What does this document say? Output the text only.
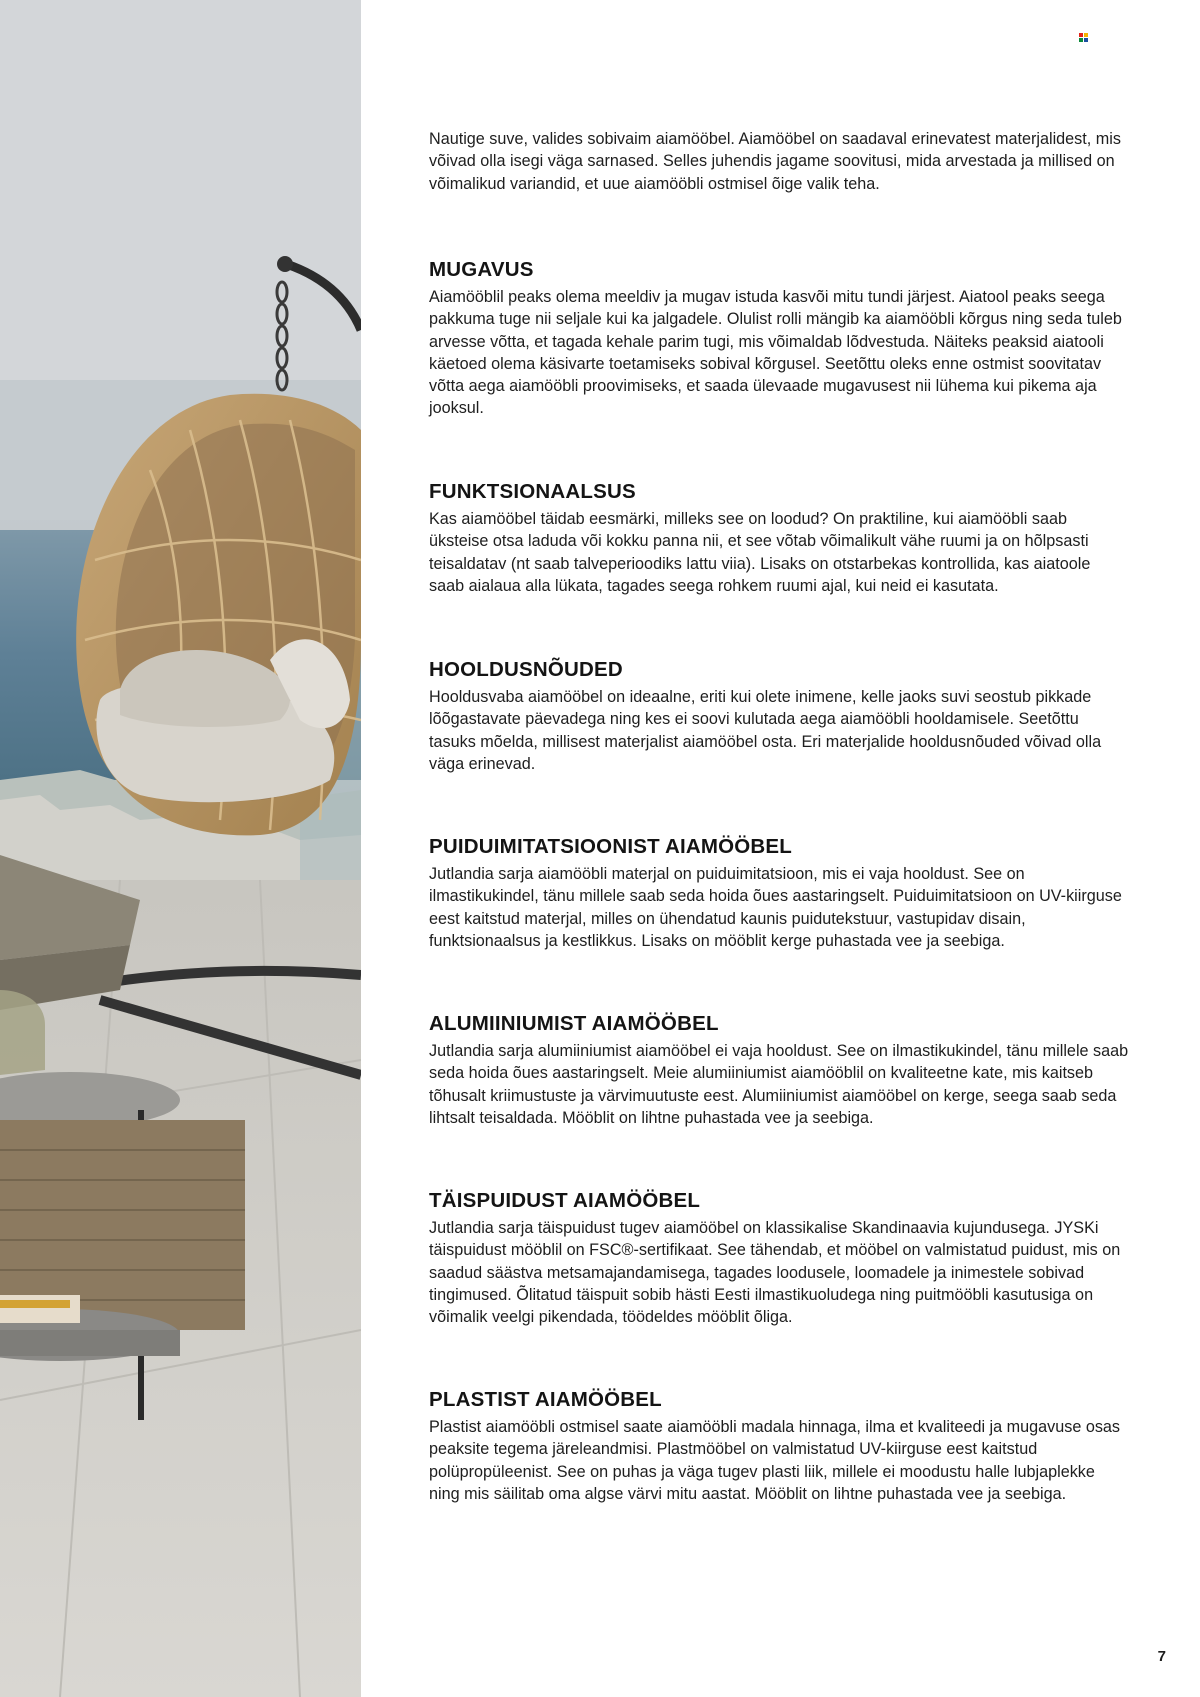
Nautige suve, valides sobivaim aiamööbel. Aiamööbel on saadaval erinevatest materjalidest, mis võivad olla isegi väga sarnased. Selles juhendis jagame soovitusi, mida arvestada ja millised on võimalikud variandid, et uue aiamööbli ostmisel õige valik teha.

MUGAVUS

Aiamööblil peaks olema meeldiv ja mugav istuda kasvõi mitu tundi järjest. Aiatool peaks seega pakkuma tuge nii seljale kui ka jalgadele. Olulist rolli mängib ka aiamööbli kõrgus ning seda tuleb arvesse võtta, et tagada kehale parim tugi, mis võimaldab lõdvestuda. Näiteks peaksid aiatooli käetoed olema käsivarte toetamiseks sobival kõrgusel. Seetõttu oleks enne ostmist soovitatav võtta aega aiamööbli proovimiseks, et saada ülevaade mugavusest nii lühema kui pikema aja jooksul.

FUNKTSIONAALSUS

Kas aiamööbel täidab eesmärki, milleks see on loodud? On praktiline, kui aiamööbli saab üksteise otsa laduda või kokku panna nii, et see võtab võimalikult vähe ruumi ja on hõlpsasti teisaldatav (nt saab talveperioodiks lattu viia). Lisaks on otstarbekas kontrollida, kas aiatoole saab aialaua alla lükata, tagades seega rohkem ruumi ajal, kui neid ei kasutata.

HOOLDUSNÕUDED

Hooldusvaba aiamööbel on ideaalne, eriti kui olete inimene, kelle jaoks suvi seostub pikkade lõõgastavate päevadega ning kes ei soovi kulutada aega aiamööbli hooldamisele. Seetõttu tasuks mõelda, millisest materjalist aiamööbel osta. Eri materjalide hooldusnõuded võivad olla väga erinevad.

PUIDUIMITATSIOONIST AIAMÖÖBEL

Jutlandia sarja aiamööbli materjal on puiduimitatsioon, mis ei vaja hooldust. See on ilmastikukindel, tänu millele saab seda hoida õues aastaringselt. Puiduimitatsioon on UV-kiirguse eest kaitstud materjal, milles on ühendatud kaunis puidutekstuur, vastupidav disain, funktsionaalsus ja kestlikkus. Lisaks on mööblit kerge puhastada vee ja seebiga.

ALUMIINIUMIST AIAMÖÖBEL

Jutlandia sarja alumiiniumist aiamööbel ei vaja hooldust. See on ilmastikukindel, tänu millele saab seda hoida õues aastaringselt. Meie alumiiniumist aiamööblil on kvaliteetne kate, mis kaitseb tõhusalt kriimustuste ja värvimuutuste eest. Alumiiniumist aiamööbel on kerge, seega saab seda lihtsalt teisaldada. Mööblit on lihtne puhastada vee ja seebiga.

TÄISPUIDUST AIAMÖÖBEL

Jutlandia sarja täispuidust tugev aiamööbel on klassikalise Skandinaavia kujundusega. JYSKi täispuidust mööblil on FSC®-sertifikaat. See tähendab, et mööbel on valmistatud puidust, mis on saadud säästva metsamajandamisega, tagades loodusele, loomadele ja inimestele sobivad tingimused. Õlitatud täispuit sobib hästi Eesti ilmastikuoludega ning puitmööbli kasutusiga on võimalik veelgi pikendada, töödeldes mööblit õliga.

PLASTIST AIAMÖÖBEL

Plastist aiamööbli ostmisel saate aiamööbli madala hinnaga, ilma et kvaliteedi ja mugavuse osas peaksite tegema järeleandmisi. Plastmööbel on valmistatud UV-kiirguse eest kaitstud polüpropüleenist. See on puhas ja väga tugev plasti liik, millele ei moodustu halle lubjaplekke ning mis säilitab oma algse värvi mitu aastat. Mööblit on lihtne puhastada vee ja seebiga.

7
